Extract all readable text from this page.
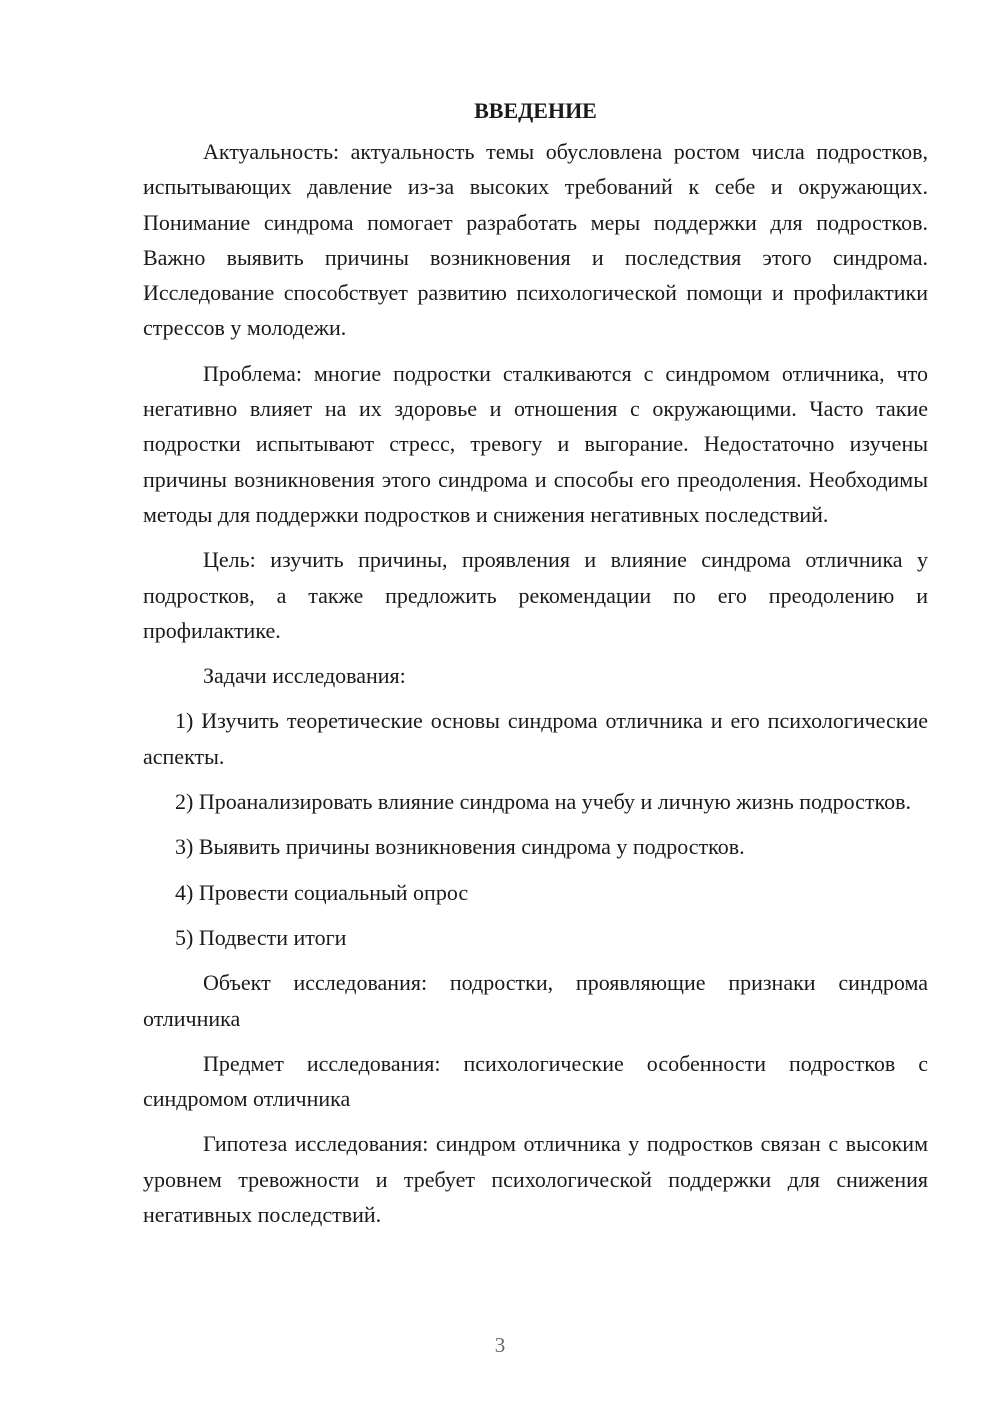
ВВЕДЕНИЕ

Актуальность: актуальность темы обусловлена ростом числа подростков, испытывающих давление из-за высоких требований к себе и окружающих. Понимание синдрома помогает разработать меры поддержки для подростков. Важно выявить причины возникновения и последствия этого синдрома. Исследование способствует развитию психологической помощи и профилактики стрессов у молодежи.

Проблема: многие подростки сталкиваются с синдромом отличника, что негативно влияет на их здоровье и отношения с окружающими. Часто такие подростки испытывают стресс, тревогу и выгорание. Недостаточно изучены причины возникновения этого синдрома и способы его преодоления. Необходимы методы для поддержки подростков и снижения негативных последствий.

Цель: изучить причины, проявления и влияние синдрома отличника у подростков, а также предложить рекомендации по его преодолению и профилактике.

Задачи исследования:

1) Изучить теоретические основы синдрома отличника и его психологические аспекты.

2) Проанализировать влияние синдрома на учебу и личную жизнь подростков.

3) Выявить причины возникновения синдрома у подростков.

4) Провести социальный опрос

5) Подвести итоги

Объект исследования: подростки, проявляющие признаки синдрома отличника

Предмет исследования: психологические особенности подростков с синдромом отличника

Гипотеза исследования: синдром отличника у подростков связан с высоким уровнем тревожности и требует психологической поддержки для снижения негативных последствий.

3
